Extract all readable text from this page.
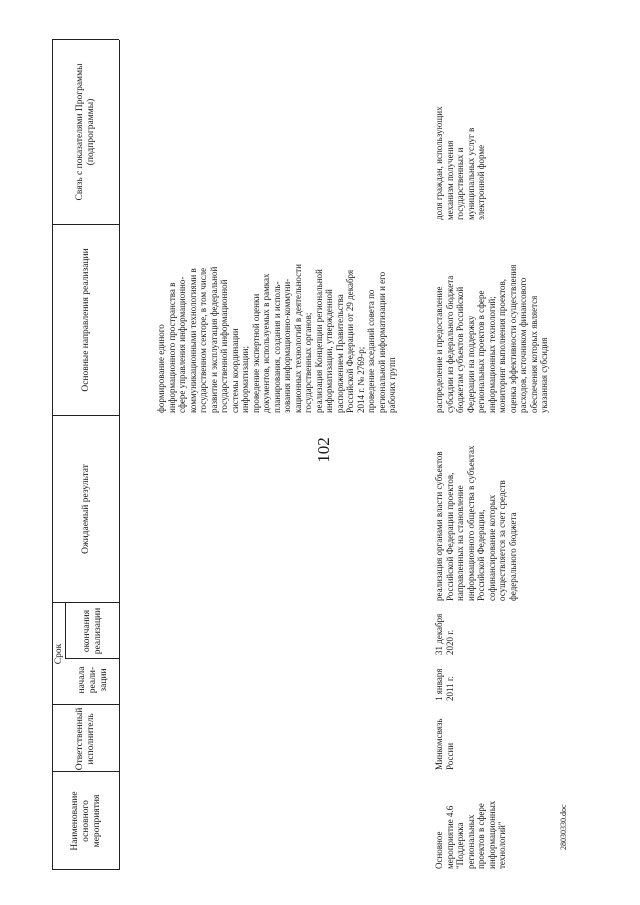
102
28030330.doc
Наименование основного мероприятия
Ответственный исполнитель
Срок
начала реали-зации
окончания реализации
Ожидаемый результат
Основные направления реализации
Связь с показателями Программы (подпрограммы)
формирование единого
информационного пространства в
сфере управления информационно-
коммуникационными технологиями в
государственном секторе, в том числе
развитие и эксплуатация федеральной
государственной информационной
системы координации
информатизации;
проведение экспертной оценки
документов, используемых в рамках
планирования, создания и исполь-
зования информационно-коммуни-
кационных технологий в деятельности
государственных органов;
реализация Концепции региональной
информатизации, утвержденной
распоряжением Правительства
Российской Федерации от 29 декабря
2014 г. № 2769-р;
проведение заседаний совета по
региональной информатизации и его
рабочих групп
Основное
мероприятие 4.6
"Поддержка
региональных
проектов в сфере
информационных
технологий"
Минкомсвязь
России
1 января
2011 г.
31 декабря
2020 г.
реализация органами власти субъектов
Российской Федерации проектов,
направленных на становление
информационного общества в субъектах
Российской Федерации,
софинансирование которых
осуществляется за счет средств
федерального бюджета
распределение и предоставление
субсидии из федерального бюджета
бюджетам субъектов Российской
Федерации на поддержку
региональных проектов в сфере
информационных технологий;
мониторинг выполнения проектов,
оценка эффективности осуществления
расходов, источником финансового
обеспечения которых является
указанная субсидия
доля граждан, использующих
механизм получения
государственных и
муниципальных услуг в
электронной форме
